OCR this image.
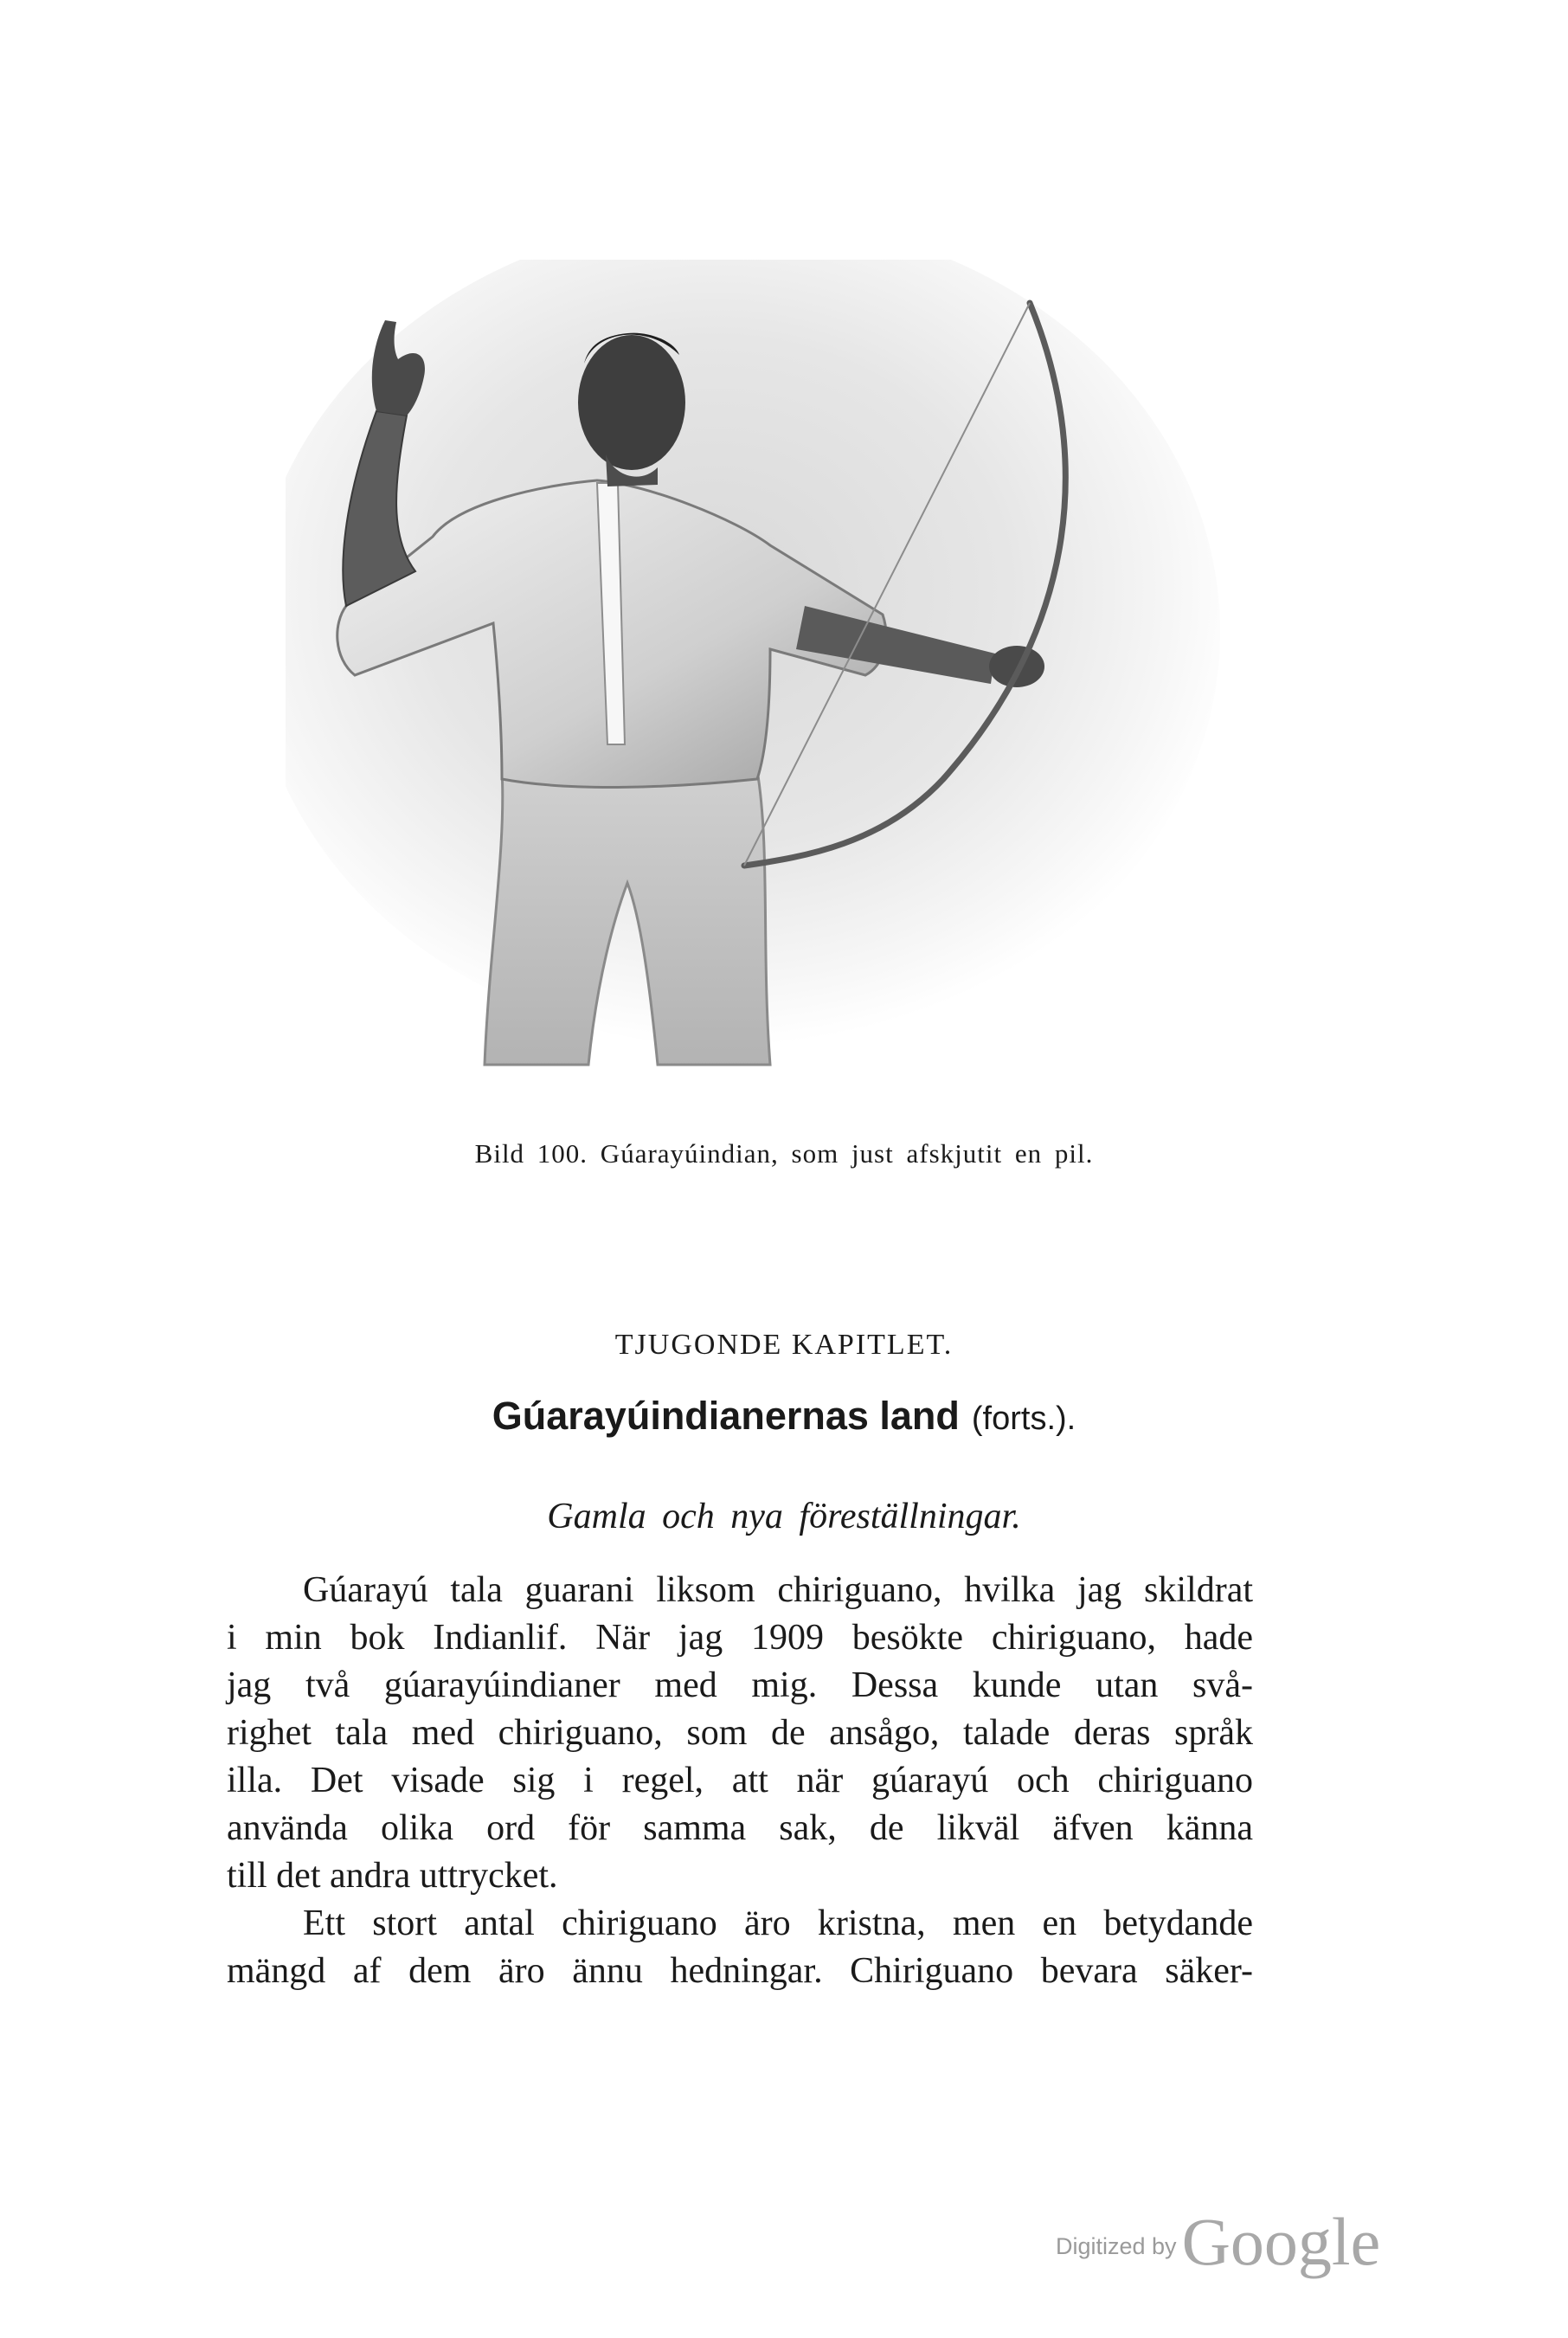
Bild 100. Gúarayúindian, som just afskjutit en pil.
TJUGONDE KAPITLET.
Gúarayúindianernas land (forts.).
Gamla och nya föreställningar.

Gúarayú tala guarani liksom chiriguano, hvilka jag skildrat
i min bok Indianlif. När jag 1909 besökte chiriguano, hade
jag två gúarayúindianer med mig. Dessa kunde utan svå-
righet tala med chiriguano, som de ansågo, talade deras språk
illa. Det visade sig i regel, att när gúarayú och chiriguano
använda olika ord för samma sak, de likväl äfven känna
till det andra uttrycket.

Ett stort antal chiriguano äro kristna, men en betydande
mängd af dem äro ännu hedningar. Chiriguano bevara säker-

Digitized byGoogle
